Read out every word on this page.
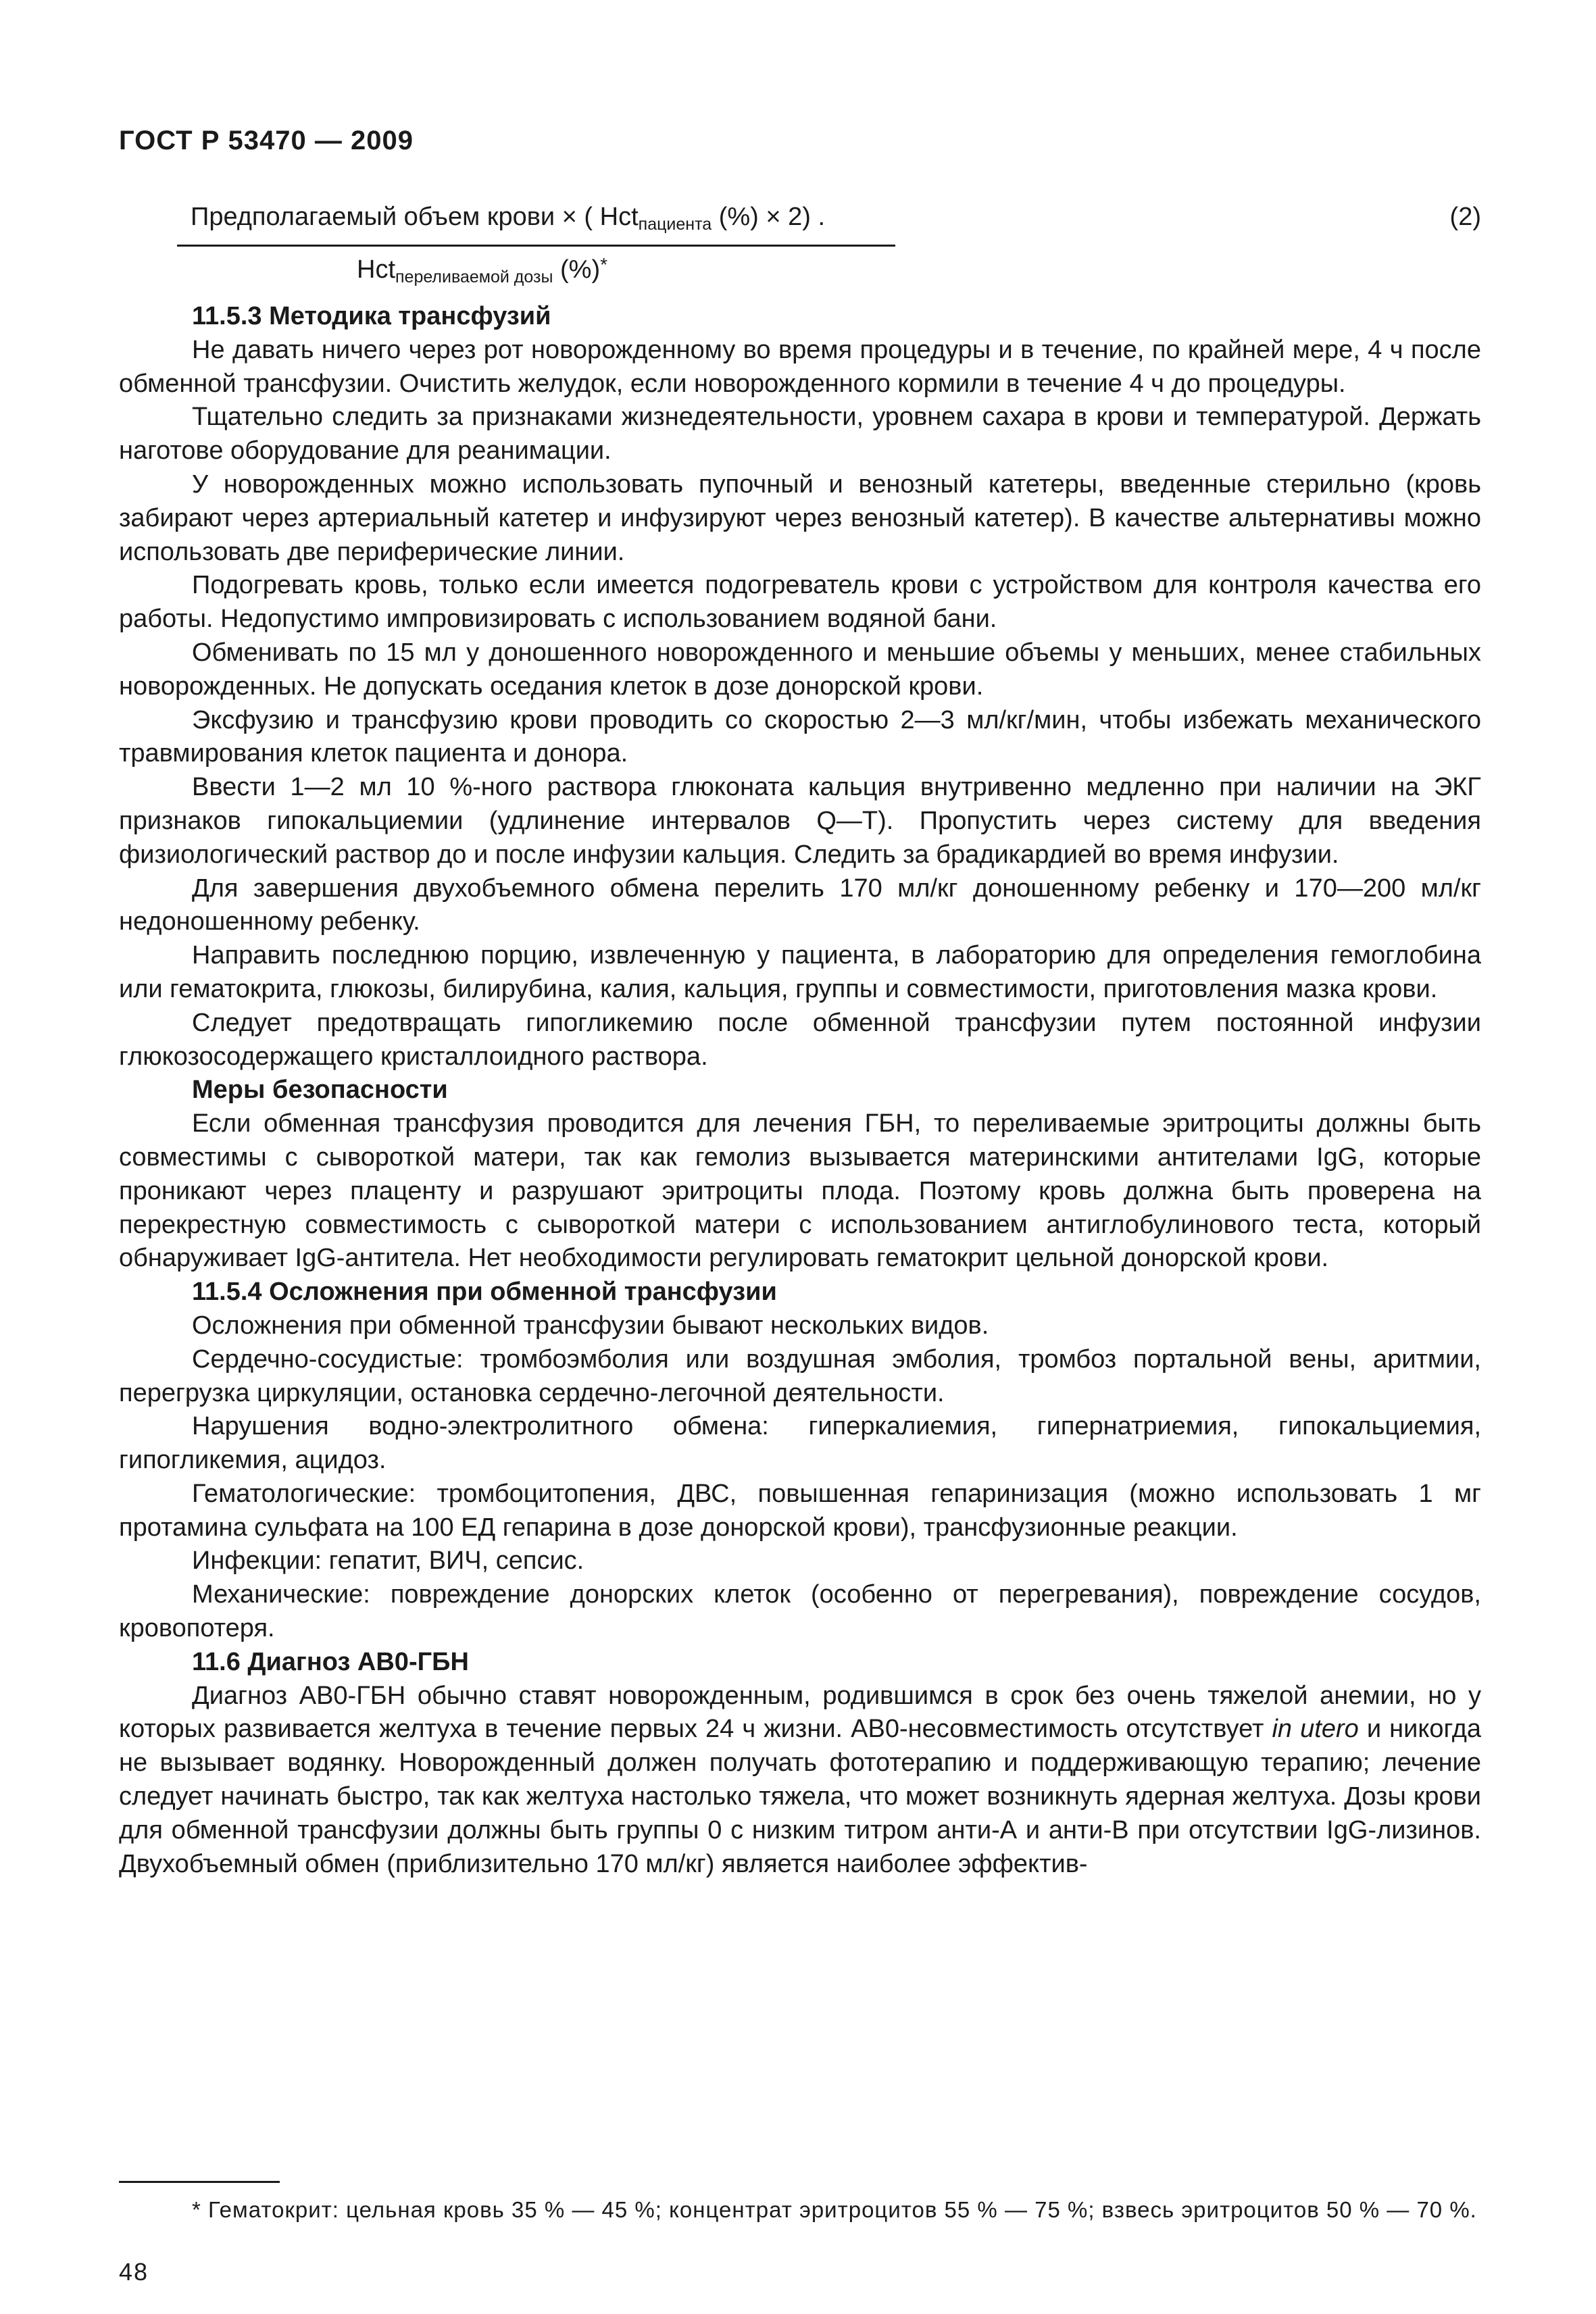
ГОСТ Р 53470 — 2009
Предполагаемый объем крови × ( Hct$_{пациента}$ (%) × 2) .
Hct$_{переливаемой дозы}$ (%)*
(2)

11.5.3 Методика трансфузий

Не давать ничего через рот новорожденному во время процедуры и в течение, по крайней мере, 4 ч после обменной трансфузии. Очистить желудок, если новорожденного кормили в течение 4 ч до процедуры.

Тщательно следить за признаками жизнедеятельности, уровнем сахара в крови и температурой. Держать наготове оборудование для реанимации.

У новорожденных можно использовать пупочный и венозный катетеры, введенные стерильно (кровь забирают через артериальный катетер и инфузируют через венозный катетер). В качестве альтернативы можно использовать две периферические линии.

Подогревать кровь, только если имеется подогреватель крови с устройством для контроля качества его работы. Недопустимо импровизировать с использованием водяной бани.

Обменивать по 15 мл у доношенного новорожденного и меньшие объемы у меньших, менее стабильных новорожденных. Не допускать оседания клеток в дозе донорской крови.

Эксфузию и трансфузию крови проводить со скоростью 2—3 мл/кг/мин, чтобы избежать механического травмирования клеток пациента и донора.

Ввести 1—2 мл 10 %-ного раствора глюконата кальция внутривенно медленно при наличии на ЭКГ признаков гипокальциемии (удлинение интервалов Q—T). Пропустить через систему для введения физиологический раствор до и после инфузии кальция. Следить за брадикардией во время инфузии.

Для завершения двухобъемного обмена перелить 170 мл/кг доношенному ребенку и 170—200 мл/кг недоношенному ребенку.

Направить последнюю порцию, извлеченную у пациента, в лабораторию для определения гемоглобина или гематокрита, глюкозы, билирубина, калия, кальция, группы и совместимости, приготовления мазка крови.

Следует предотвращать гипогликемию после обменной трансфузии путем постоянной инфузии глюкозосодержащего кристаллоидного раствора.

Меры безопасности

Если обменная трансфузия проводится для лечения ГБН, то переливаемые эритроциты должны быть совместимы с сывороткой матери, так как гемолиз вызывается материнскими антителами IgG, которые проникают через плаценту и разрушают эритроциты плода. Поэтому кровь должна быть проверена на перекрестную совместимость с сывороткой матери с использованием антиглобулинового теста, который обнаруживает IgG-антитела. Нет необходимости регулировать гематокрит цельной донорской крови.

11.5.4 Осложнения при обменной трансфузии

Осложнения при обменной трансфузии бывают нескольких видов.

Сердечно-сосудистые: тромбоэмболия или воздушная эмболия, тромбоз портальной вены, аритмии, перегрузка циркуляции, остановка сердечно-легочной деятельности.

Нарушения водно-электролитного обмена: гиперкалиемия, гипернатриемия, гипокальциемия, гипогликемия, ацидоз.

Гематологические: тромбоцитопения, ДВС, повышенная гепаринизация (можно использовать 1 мг протамина сульфата на 100 ЕД гепарина в дозе донорской крови), трансфузионные реакции.

Инфекции: гепатит, ВИЧ, сепсис.

Механические: повреждение донорских клеток (особенно от перегревания), повреждение сосудов, кровопотеря.

11.6 Диагноз АВ0-ГБН

Диагноз АВ0-ГБН обычно ставят новорожденным, родившимся в срок без очень тяжелой анемии, но у которых развивается желтуха в течение первых 24 ч жизни. АВ0-несовместимость отсутствует in utero и никогда не вызывает водянку. Новорожденный должен получать фототерапию и поддерживающую терапию; лечение следует начинать быстро, так как желтуха настолько тяжела, что может возникнуть ядерная желтуха. Дозы крови для обменной трансфузии должны быть группы 0 с низким титром анти-А и анти-В при отсутствии IgG-лизинов. Двухобъемный обмен (приблизительно 170 мл/кг) является наиболее эффектив-

* Гематокрит: цельная кровь 35 % — 45 %; концентрат эритроцитов 55 % — 75 %; взвесь эритроцитов 50 % — 70 %.
48
